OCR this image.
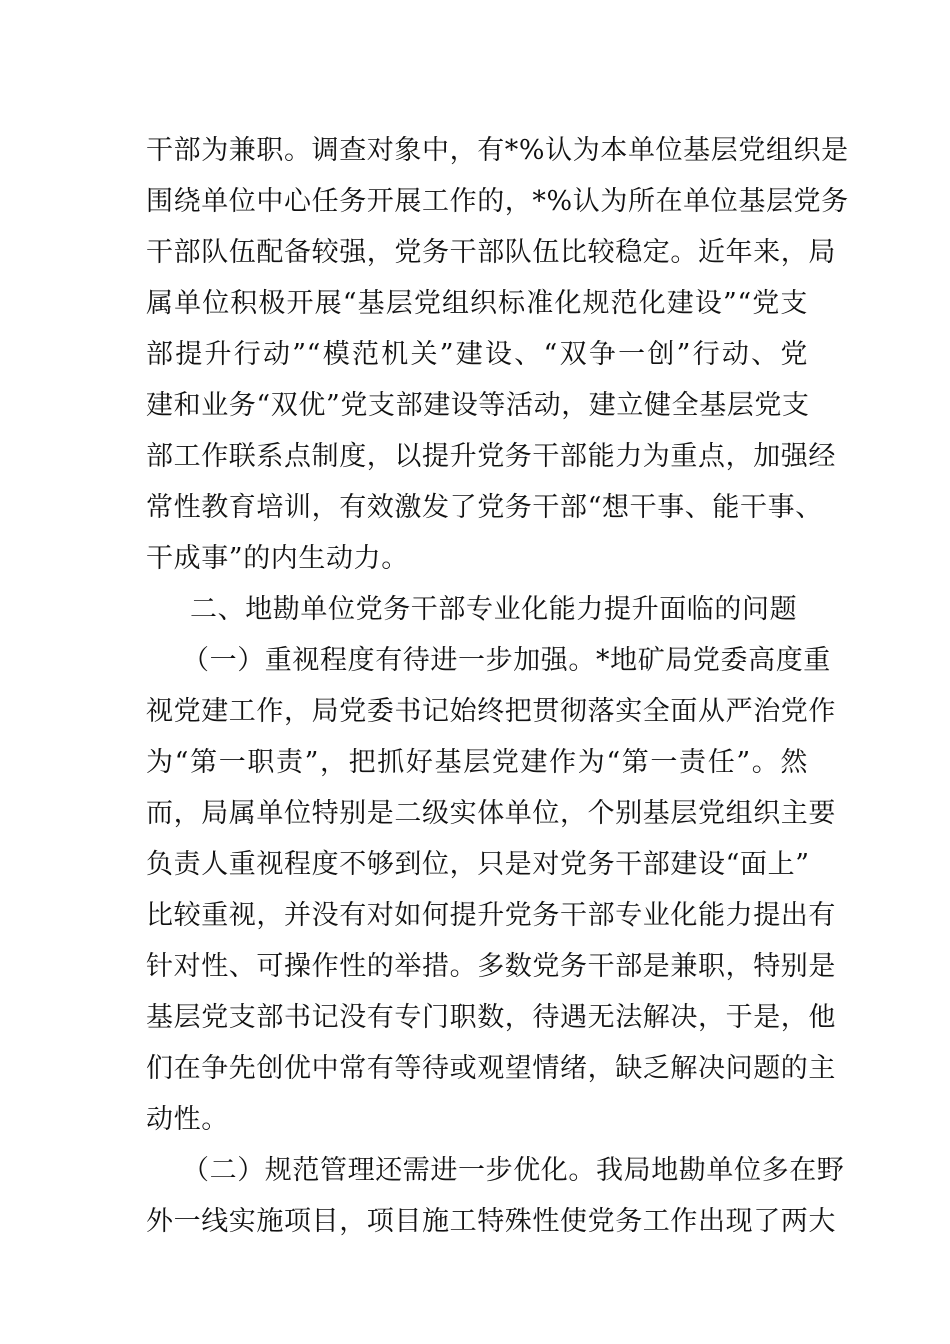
干部为兼职。调查对象中，有*%认为本单位基层党组织是
围绕单位中心任务开展工作的，*%认为所在单位基层党务
干部队伍配备较强，党务干部队伍比较稳定。近年来，局
属单位积极开展“基层党组织标准化规范化建设”“党支
部提升行动”“模范机关”建设、“双争一创”行动、党
建和业务“双优”党支部建设等活动，建立健全基层党支
部工作联系点制度，以提升党务干部能力为重点，加强经
常性教育培训，有效激发了党务干部“想干事、能干事、
干成事”的内生动力。
二、地勘单位党务干部专业化能力提升面临的问题
（一）重视程度有待进一步加强。*地矿局党委高度重
视党建工作，局党委书记始终把贯彻落实全面从严治党作
为“第一职责”，把抓好基层党建作为“第一责任”。然
而，局属单位特别是二级实体单位，个别基层党组织主要
负责人重视程度不够到位，只是对党务干部建设“面上”
比较重视，并没有对如何提升党务干部专业化能力提出有
针对性、可操作性的举措。多数党务干部是兼职，特别是
基层党支部书记没有专门职数，待遇无法解决，于是，他
们在争先创优中常有等待或观望情绪，缺乏解决问题的主
动性。
（二）规范管理还需进一步优化。我局地勘单位多在野
外一线实施项目，项目施工特殊性使党务工作出现了两大
